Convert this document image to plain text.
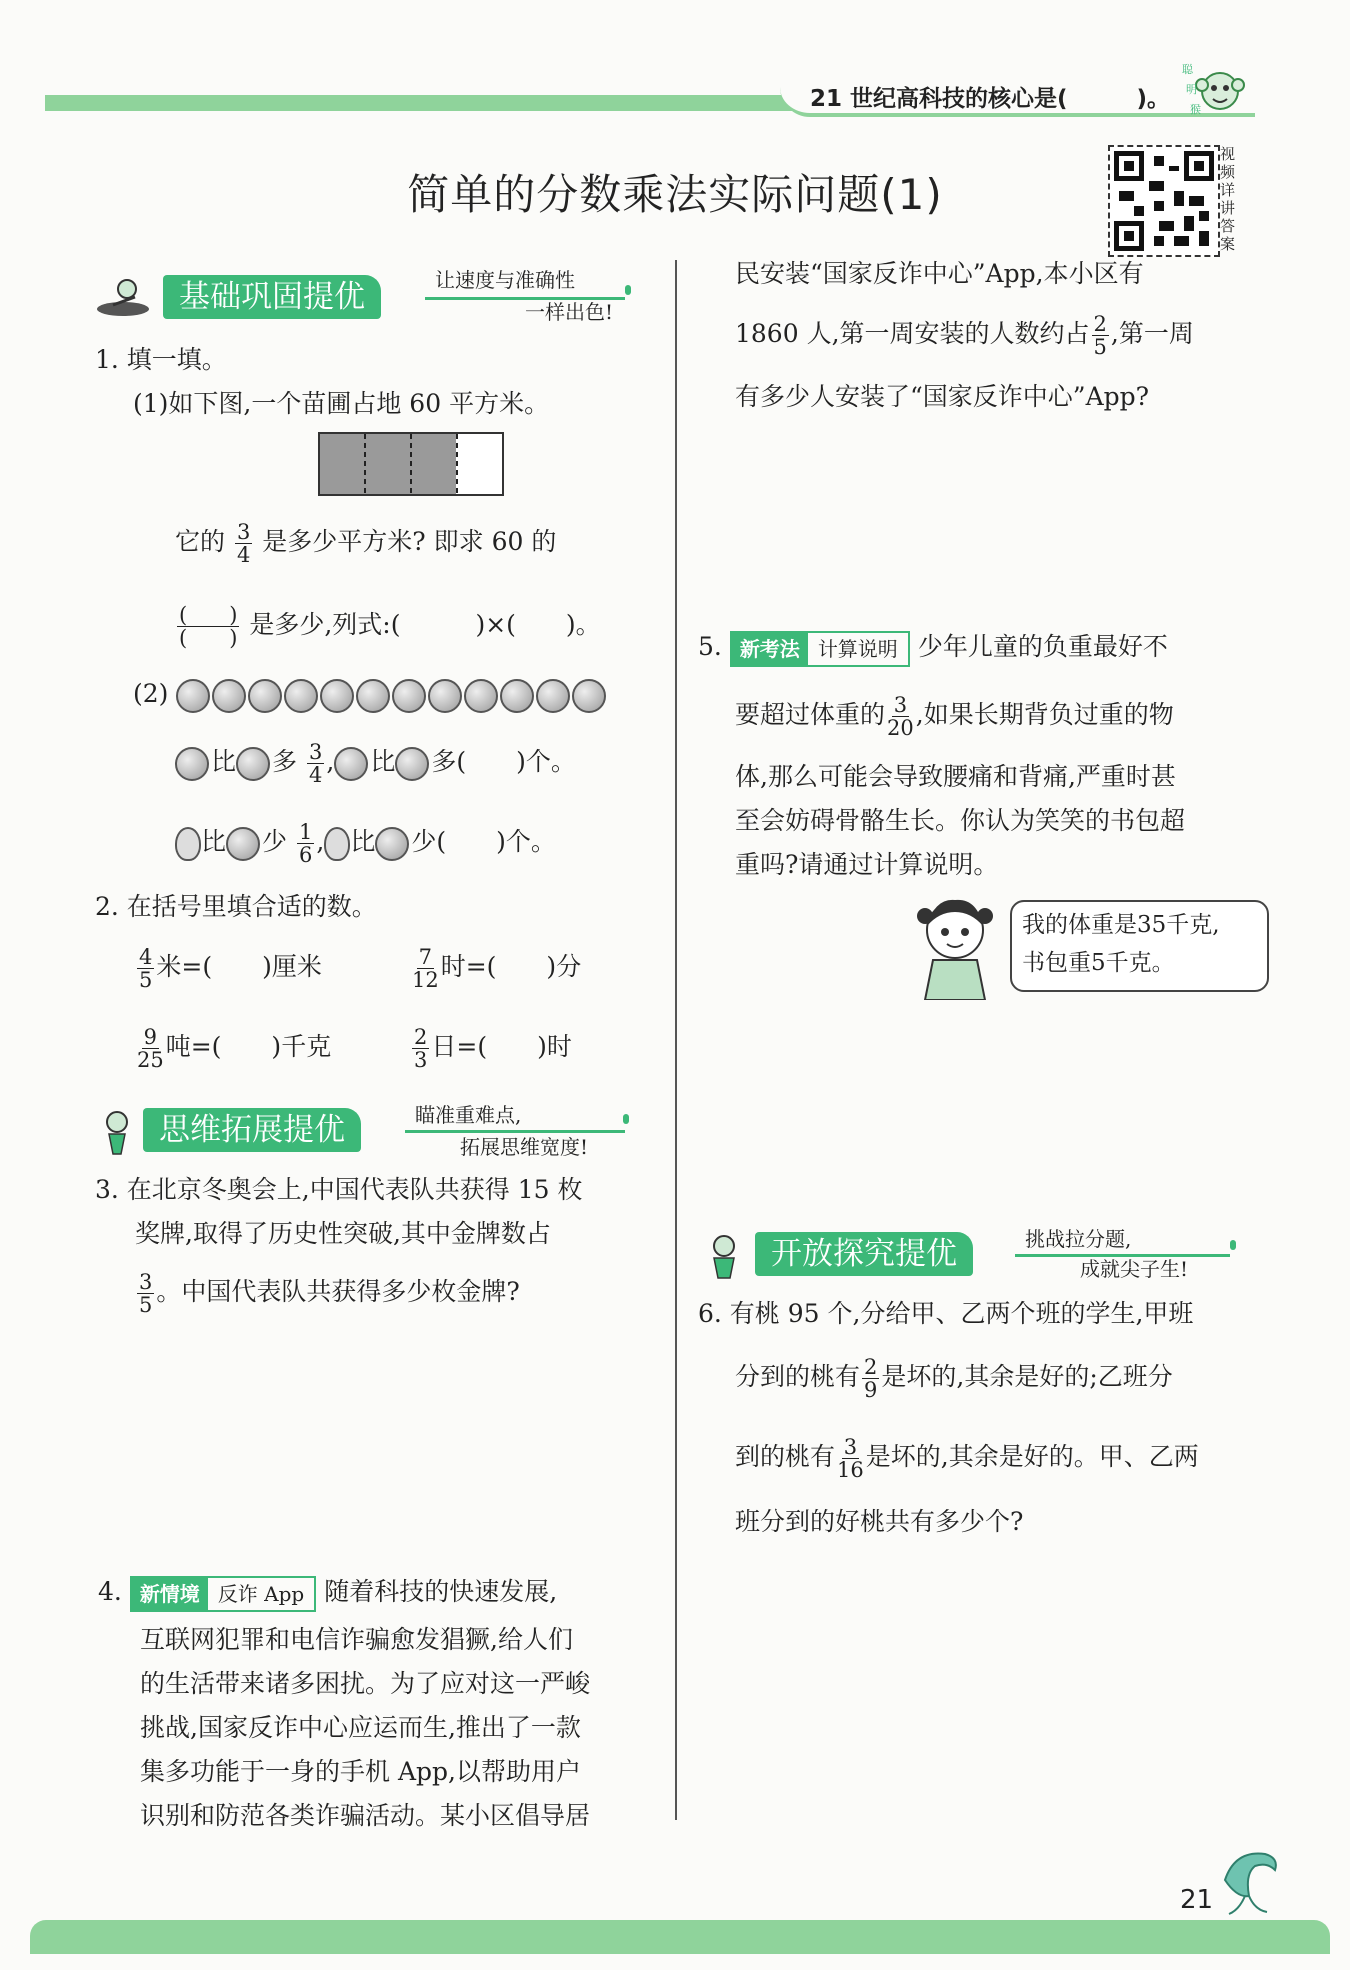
21 世纪高科技的核心是(　　　)。
聪
明
猴
简单的分数乘法实际问题(1)
视频详讲答案
基础巩固提优	让速度与准确性
一样出色!
1. 填一填。
(1)如下图,一个苗圃占地 60 平方米。
它的 $\frac{3}{4}$ 是多少平方米? 即求 60 的
$\frac{( )}{( )}$ 是多少,列式:(　　　)×(　　)。
(2)
比 多 $\frac{3}{4}$ , 比 多(　　)个。
比 少 $\frac{1}{6}$ , 比 少(　　)个。
2. 在括号里填合适的数。
$\frac{4}{5}$ 米=(　　)厘米	$\frac{7}{12}$ 时=(　　)分
$\frac{9}{25}$ 吨=(　　)千克	$\frac{2}{3}$ 日=(　　)时
思维拓展提优	瞄准重难点,
拓展思维宽度!
3. 在北京冬奥会上,中国代表队共获得 15 枚
奖牌,取得了历史性突破,其中金牌数占
$\frac{3}{5}$ 。中国代表队共获得多少枚金牌?
4. 新情境 反诈 App 随着科技的快速发展,
互联网犯罪和电信诈骗愈发猖獗,给人们
的生活带来诸多困扰。为了应对这一严峻
挑战,国家反诈中心应运而生,推出了一款
集多功能于一身的手机 App,以帮助用户
识别和防范各类诈骗活动。某小区倡导居
民安装“国家反诈中心”App,本小区有
1860 人,第一周安装的人数约占 $\frac{2}{5}$ ,第一周
有多少人安装了“国家反诈中心”App?
5. 新考法 计算说明 少年儿童的负重最好不
要超过体重的 $\frac{3}{20}$ ,如果长期背负过重的物
体,那么可能会导致腰痛和背痛,严重时甚
至会妨碍骨骼生长。你认为笑笑的书包超
重吗?请通过计算说明。
我的体重是35千克,
书包重5千克。
开放探究提优	挑战拉分题,
成就尖子生!
6. 有桃 95 个,分给甲、乙两个班的学生,甲班
分到的桃有 $\frac{2}{9}$ 是坏的,其余是好的;乙班分
到的桃有 $\frac{3}{16}$ 是坏的,其余是好的。甲、乙两
班分到的好桃共有多少个?
21
